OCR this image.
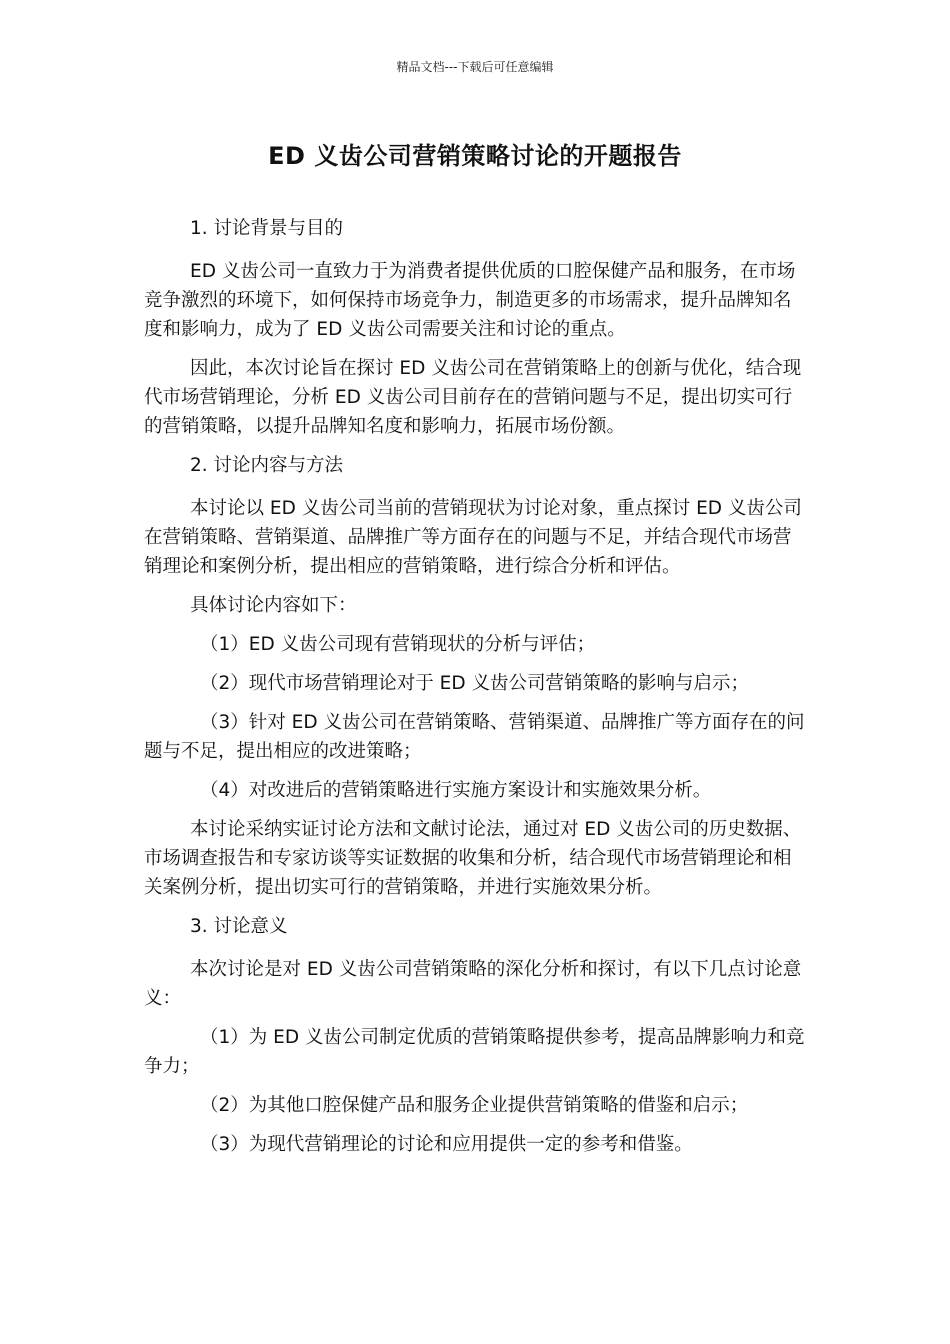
精品文档---下载后可任意编辑
ED 义齿公司营销策略讨论的开题报告

1. 讨论背景与目的

ED 义齿公司一直致力于为消费者提供优质的口腔保健产品和服务，在市场竞争激烈的环境下，如何保持市场竞争力，制造更多的市场需求，提升品牌知名度和影响力，成为了 ED 义齿公司需要关注和讨论的重点。

因此，本次讨论旨在探讨 ED 义齿公司在营销策略上的创新与优化，结合现代市场营销理论，分析 ED 义齿公司目前存在的营销问题与不足，提出切实可行的营销策略，以提升品牌知名度和影响力，拓展市场份额。

2. 讨论内容与方法

本讨论以 ED 义齿公司当前的营销现状为讨论对象，重点探讨 ED 义齿公司在营销策略、营销渠道、品牌推广等方面存在的问题与不足，并结合现代市场营销理论和案例分析，提出相应的营销策略，进行综合分析和评估。

具体讨论内容如下：

（1）ED 义齿公司现有营销现状的分析与评估；

（2）现代市场营销理论对于 ED 义齿公司营销策略的影响与启示；

（3）针对 ED 义齿公司在营销策略、营销渠道、品牌推广等方面存在的问题与不足，提出相应的改进策略；

（4）对改进后的营销策略进行实施方案设计和实施效果分析。

本讨论采纳实证讨论方法和文献讨论法，通过对 ED 义齿公司的历史数据、市场调查报告和专家访谈等实证数据的收集和分析，结合现代市场营销理论和相关案例分析，提出切实可行的营销策略，并进行实施效果分析。

3. 讨论意义

本次讨论是对 ED 义齿公司营销策略的深化分析和探讨，有以下几点讨论意义：

（1）为 ED 义齿公司制定优质的营销策略提供参考，提高品牌影响力和竞争力；

（2）为其他口腔保健产品和服务企业提供营销策略的借鉴和启示；

（3）为现代营销理论的讨论和应用提供一定的参考和借鉴。
